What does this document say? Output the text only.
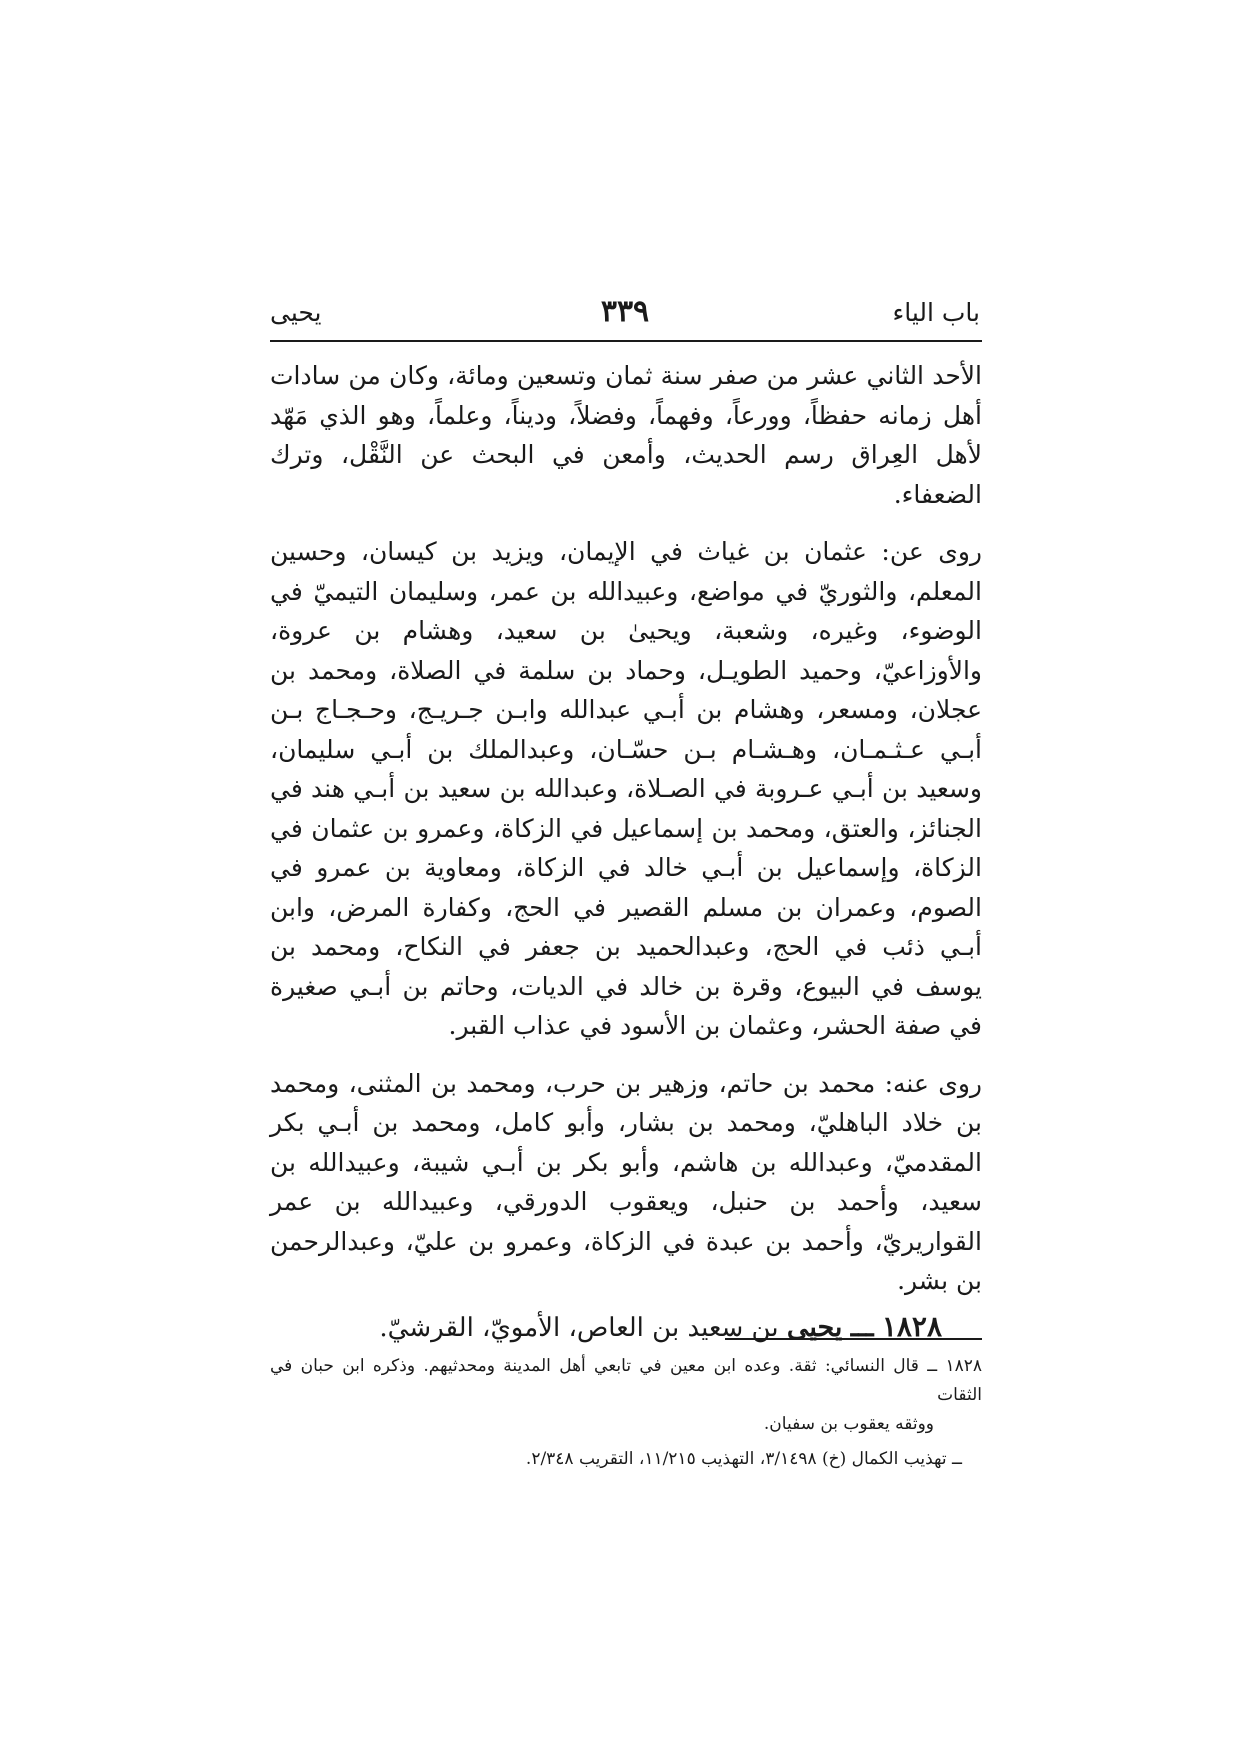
باب الياء
٣٣٩
يحيى

الأحد الثاني عشر من صفر سنة ثمان وتسعين ومائة، وكان من سادات أهل زمانه حفظاً، وورعاً، وفهماً، وفضلاً، وديناً، وعلماً، وهو الذي مَهّد لأهل العِراق رسم الحديث، وأمعن في البحث عن النَّقْل، وترك الضعفاء.

روى عن: عثمان بن غياث في الإيمان، ويزيد بن كيسان، وحسين المعلم، والثوريّ في مواضع، وعبيدالله بن عمر، وسليمان التيميّ في الوضوء، وغيره، وشعبة، ويحيىٰ بن سعيد، وهشام بن عروة، والأوزاعيّ، وحميد الطويـل، وحماد بن سلمة في الصلاة، ومحمد بن عجلان، ومسعر، وهشام بن أبـي عبدالله وابـن جـريـج، وحـجـاج بـن أبـي عـثـمـان، وهـشـام بـن حسّـان، وعبدالملك بن أبـي سليمان، وسعيد بن أبـي عـروبة في الصـلاة، وعبدالله بن سعيد بن أبـي هند في الجنائز، والعتق، ومحمد بن إسماعيل في الزكاة، وعمرو بن عثمان في الزكاة، وإسماعيل بن أبـي خالد في الزكاة، ومعاوية بن عمرو في الصوم، وعمران بن مسلم القصير في الحج، وكفارة المرض، وابن أبـي ذئب في الحج، وعبدالحميد بن جعفر في النكاح، ومحمد بن يوسف في البيوع، وقرة بن خالد في الديات، وحاتم بن أبـي صغيرة في صفة الحشر، وعثمان بن الأسود في عذاب القبر.

روى عنه: محمد بن حاتم، وزهير بن حرب، ومحمد بن المثنى، ومحمد بن خلاد الباهليّ، ومحمد بن بشار، وأبو كامل، ومحمد بن أبـي بكر المقدميّ، وعبدالله بن هاشم، وأبو بكر بن أبـي شيبة، وعبيدالله بن سعيد، وأحمد بن حنبل، ويعقوب الدورقي، وعبيدالله بن عمر القواريريّ، وأحمد بن عبدة في الزكاة، وعمرو بن عليّ، وعبدالرحمن بن بشر.

١٨٢٨ ـــ يحيى بن سعيد بن العاص، الأمويّ، القرشيّ.

١٨٢٨ ــ قال النسائي: ثقة. وعده ابن معين في تابعي أهل المدينة ومحدثيهم. وذكره ابن حبان في الثقات

ووثقه يعقوب بن سفيان.

ــ تهذيب الكمال (خ) ٣/١٤٩٨، التهذيب ١١/٢١٥، التقريب ٢/٣٤٨.
